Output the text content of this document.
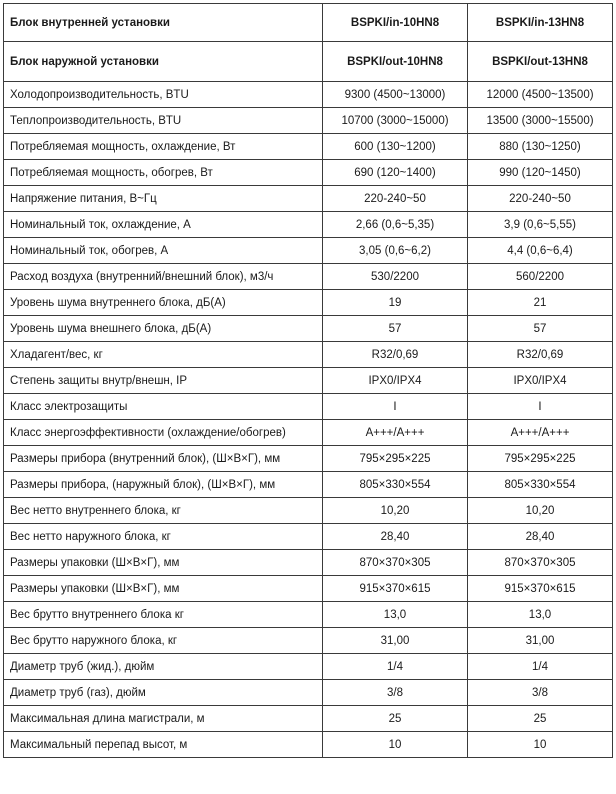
Блок внутренней установки	BSPKI/in-10HN8	BSPKI/in-13HN8
Блок наружной установки	BSPKI/out-10HN8	BSPKI/out-13HN8
Холодопроизводительность, BTU	9300 (4500~13000)	12000 (4500~13500)
Теплопроизводительность, BTU	10700 (3000~15000)	13500 (3000~15500)
Потребляемая мощность, охлаждение, Вт	600 (130~1200)	880 (130~1250)
Потребляемая мощность, обогрев, Вт	690 (120~1400)	990 (120~1450)
Напряжение питания, В~Гц	220-240~50	220-240~50
Номинальный ток, охлаждение, А	2,66 (0,6~5,35)	3,9 (0,6~5,55)
Номинальный ток, обогрев, А	3,05 (0,6~6,2)	4,4 (0,6~6,4)
Расход воздуха (внутренний/внешний блок), м3/ч	530/2200	560/2200
Уровень шума внутреннего блока, дБ(А)	19	21
Уровень шума внешнего блока, дБ(А)	57	57
Хладагент/вес, кг	R32/0,69	R32/0,69
Степень защиты внутр/внешн, IP	IPX0/IPX4	IPX0/IPX4
Класс электрозащиты	I	I
Класс энергоэффективности (охлаждение/обогрев)	A+++/A+++	A+++/A+++
Размеры прибора (внутренний блок), (Ш×В×Г), мм	795×295×225	795×295×225
Размеры прибора, (наружный блок), (Ш×В×Г), мм	805×330×554	805×330×554
Вес нетто внутреннего блока, кг	10,20	10,20
Вес нетто наружного блока, кг	28,40	28,40
Размеры упаковки (Ш×В×Г), мм	870×370×305	870×370×305
Размеры упаковки (Ш×В×Г), мм	915×370×615	915×370×615
Вес брутто внутреннего блока кг	13,0	13,0
Вес брутто наружного блока, кг	31,00	31,00
Диаметр труб (жид.), дюйм	1/4	1/4
Диаметр труб (газ), дюйм	3/8	3/8
Максимальная длина магистрали, м	25	25
Максимальный перепад высот, м	10	10
